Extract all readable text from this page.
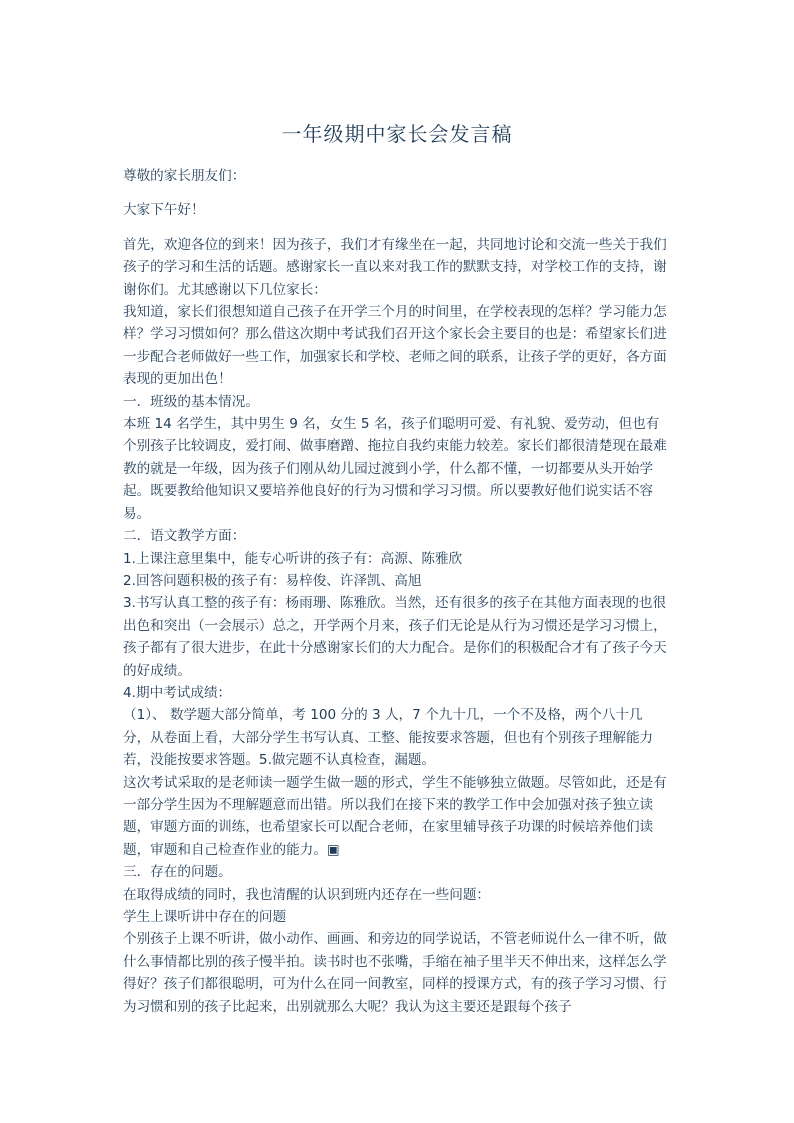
一年级期中家长会发言稿

尊敬的家长朋友们：

大家下午好！

首先，欢迎各位的到来！因为孩子，我们才有缘坐在一起，共同地讨论和交流一些关于我们孩子的学习和生活的话题。感谢家长一直以来对我工作的默默支持，对学校工作的支持，谢谢你们。尤其感谢以下几位家长：

我知道，家长们很想知道自己孩子在开学三个月的时间里，在学校表现的怎样？学习能力怎样？学习习惯如何？那么借这次期中考试我们召开这个家长会主要目的也是：希望家长们进一步配合老师做好一些工作，加强家长和学校、老师之间的联系，让孩子学的更好，各方面表现的更加出色！

一．班级的基本情况。

本班 14 名学生，其中男生 9 名，女生 5 名，孩子们聪明可爱、有礼貌、爱劳动，但也有个别孩子比较调皮，爱打闹、做事磨蹭、拖拉自我约束能力较差。家长们都很清楚现在最难教的就是一年级，因为孩子们刚从幼儿园过渡到小学，什么都不懂，一切都要从头开始学起。既要教给他知识又要培养他良好的行为习惯和学习习惯。所以要教好他们说实话不容易。

二．语文教学方面：

1.上课注意里集中，能专心听讲的孩子有：高源、陈雅欣

2.回答问题积极的孩子有：易梓俊、许泽凯、高旭

3.书写认真工整的孩子有：杨雨珊、陈雅欣。当然，还有很多的孩子在其他方面表现的也很出色和突出（一会展示）总之，开学两个月来，孩子们无论是从行为习惯还是学习习惯上，孩子都有了很大进步，在此十分感谢家长们的大力配合。是你们的积极配合才有了孩子今天的好成绩。

4.期中考试成绩：

（1）、 数学题大部分简单，考 100 分的 3 人，7 个九十几，一个不及格，两个八十几分，从卷面上看，大部分学生书写认真、工整、能按要求答题，但也有个别孩子理解能力若，没能按要求答题。5.做完题不认真检查，漏题。

这次考试采取的是老师读一题学生做一题的形式，学生不能够独立做题。尽管如此，还是有一部分学生因为不理解题意而出错。所以我们在接下来的教学工作中会加强对孩子独立读题，审题方面的训练，也希望家长可以配合老师，在家里辅导孩子功课的时候培养他们读题，审题和自己检查作业的能力。▣

三．存在的问题。

在取得成绩的同时，我也清醒的认识到班内还存在一些问题：

学生上课听讲中存在的问题

个别孩子上课不听讲，做小动作、画画、和旁边的同学说话，不管老师说什么一律不听，做什么事情都比别的孩子慢半拍。读书时也不张嘴，手缩在袖子里半天不伸出来，这样怎么学得好？孩子们都很聪明，可为什么在同一间教室，同样的授课方式，有的孩子学习习惯、行为习惯和别的孩子比起来，出别就那么大呢？我认为这主要还是跟每个孩子
